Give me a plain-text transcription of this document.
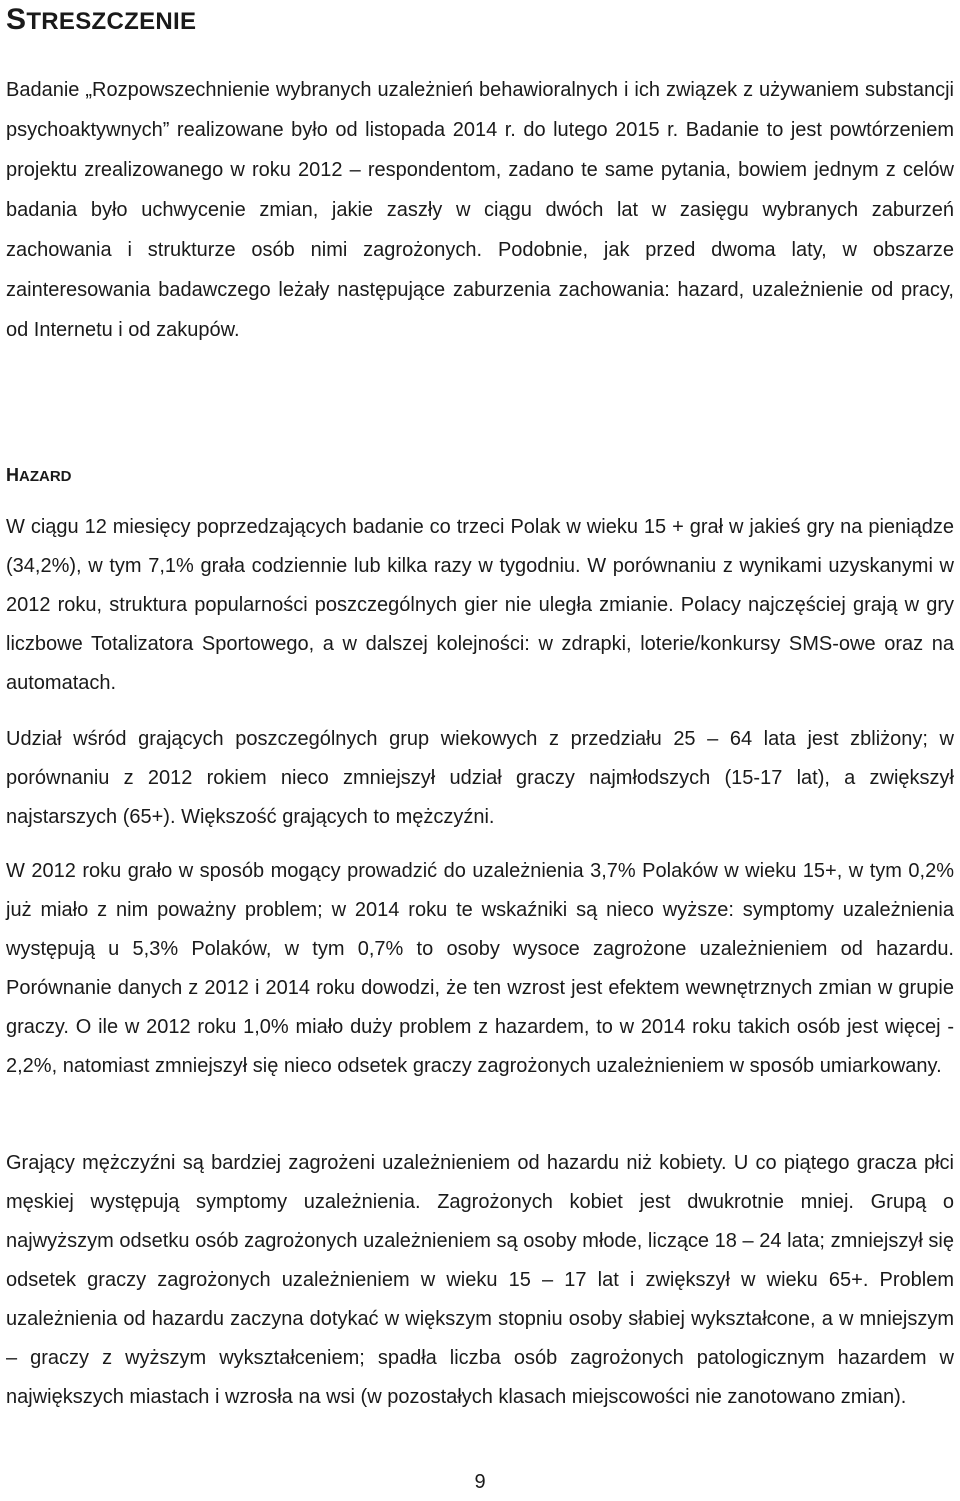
STRESZCZENIE

Badanie „Rozpowszechnienie wybranych uzależnień behawioralnych i ich związek z używaniem substancji psychoaktywnych” realizowane było od listopada 2014 r. do lutego 2015 r. Badanie to jest powtórzeniem projektu zrealizowanego w roku 2012 – respondentom, zadano te same pytania, bowiem jednym z celów badania było uchwycenie zmian, jakie zaszły w ciągu dwóch lat w zasięgu wybranych zaburzeń zachowania i strukturze osób nimi zagrożonych. Podobnie, jak przed dwoma laty, w obszarze zainteresowania badawczego leżały następujące zaburzenia zachowania: hazard, uzależnienie od pracy, od Internetu i od zakupów.

HAZARD

W ciągu 12 miesięcy poprzedzających badanie co trzeci Polak w wieku 15 + grał w jakieś gry na pieniądze (34,2%), w tym 7,1% grała codziennie lub kilka razy w tygodniu. W porównaniu z wynikami uzyskanymi w 2012 roku, struktura popularności poszczególnych gier nie uległa zmianie. Polacy najczęściej grają w gry liczbowe Totalizatora Sportowego, a w dalszej kolejności: w zdrapki, loterie/konkursy SMS-owe oraz na automatach.

Udział wśród grających poszczególnych grup wiekowych z przedziału 25 – 64 lata jest zbliżony; w porównaniu z 2012 rokiem nieco zmniejszył udział graczy najmłodszych (15-17 lat), a zwiększył najstarszych (65+). Większość grających to mężczyźni.

W 2012 roku grało w sposób mogący prowadzić do uzależnienia 3,7% Polaków w wieku 15+, w tym 0,2% już miało z nim poważny problem; w 2014 roku te wskaźniki są nieco wyższe: symptomy uzależnienia występują u 5,3% Polaków, w tym 0,7% to osoby wysoce zagrożone uzależnieniem od hazardu. Porównanie danych z 2012 i 2014 roku dowodzi, że ten wzrost jest efektem wewnętrznych zmian w grupie graczy. O ile w 2012 roku 1,0% miało duży problem z hazardem, to w 2014 roku takich osób jest więcej - 2,2%, natomiast zmniejszył się nieco odsetek graczy zagrożonych uzależnieniem w sposób umiarkowany.

Grający mężczyźni są bardziej zagrożeni uzależnieniem od hazardu niż kobiety. U co piątego gracza płci męskiej występują symptomy uzależnienia. Zagrożonych kobiet jest dwukrotnie mniej. Grupą o najwyższym odsetku osób zagrożonych uzależnieniem są osoby młode, liczące 18 – 24 lata; zmniejszył się odsetek graczy zagrożonych uzależnieniem w wieku 15 – 17 lat i zwiększył w wieku 65+. Problem uzależnienia od hazardu zaczyna dotykać w większym stopniu osoby słabiej wykształcone, a w mniejszym – graczy z wyższym wykształceniem; spadła liczba osób zagrożonych patologicznym hazardem w największych miastach i wzrosła na wsi (w pozostałych klasach miejscowości nie zanotowano zmian).

9
